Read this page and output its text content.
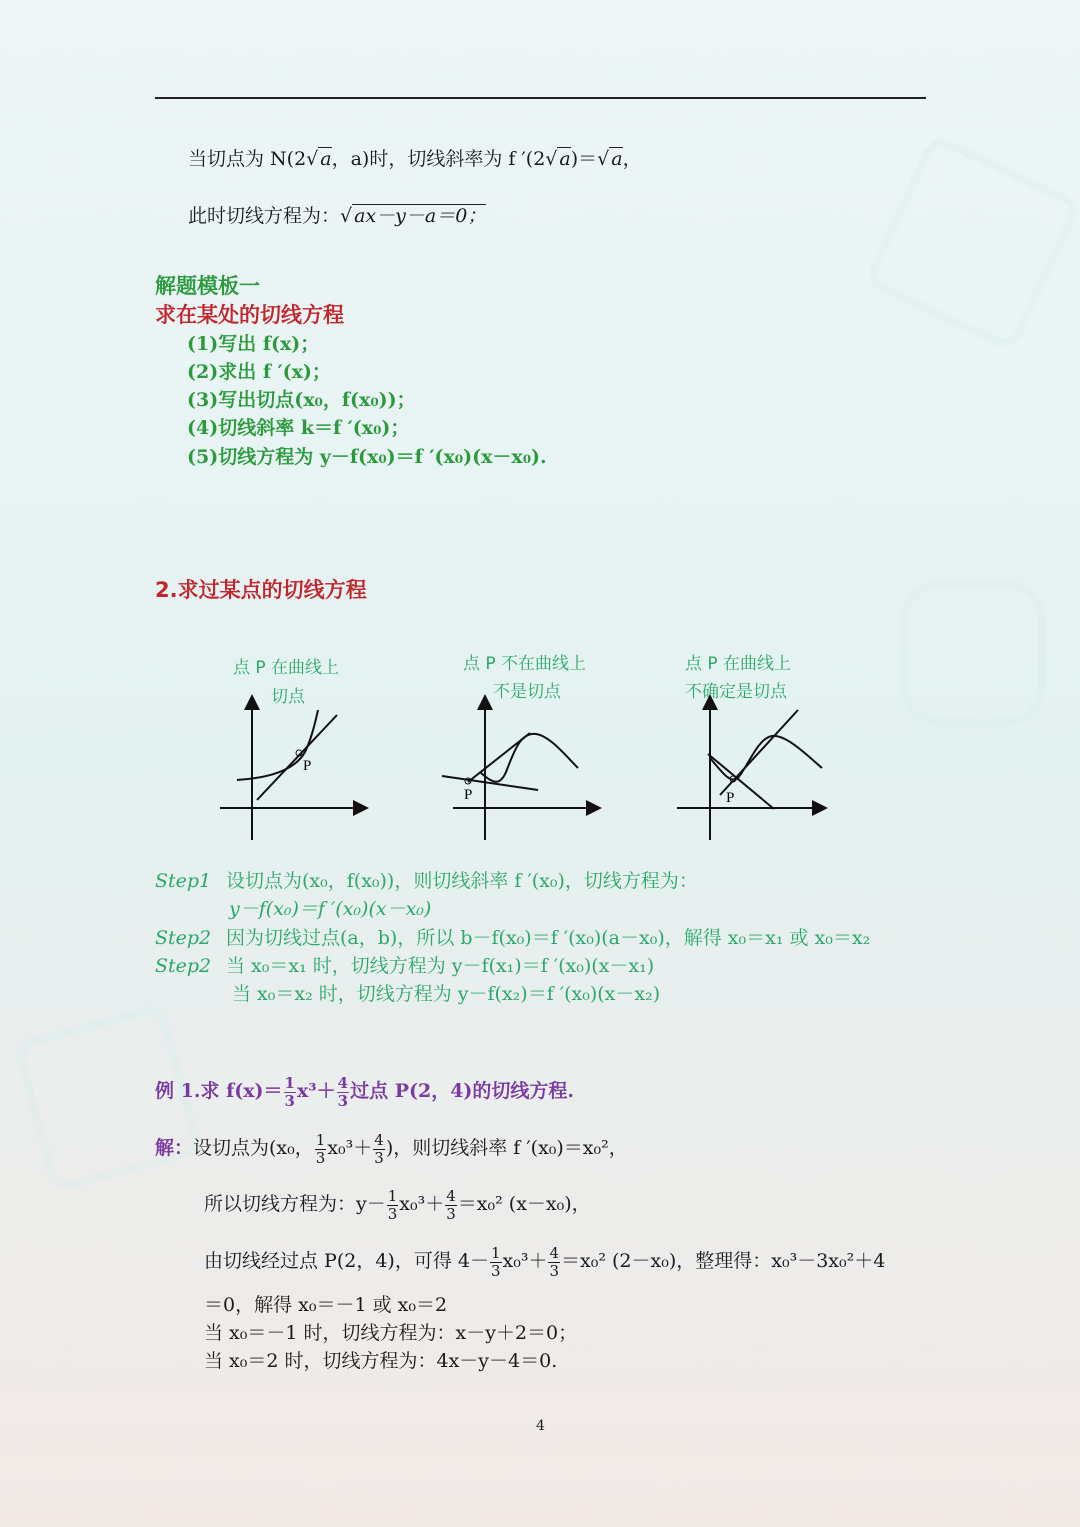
当切点为 N(2√ a，a)时，切线斜率为 f ′(2√ a)＝√ a，
此时切线方程为：√ ax－y－a＝0；
解题模板一
求在某处的切线方程
(1)写出 f(x)；
(2)求出 f ′(x)；
(3)写出切点(x₀，f(x₀))；
(4)切线斜率 k＝f ′(x₀)；
(5)切线方程为 y－f(x₀)＝f ′(x₀)(x－x₀).
2.求过某点的切线方程
点 P 在曲线上
切点
点 P 不在曲线上
不是切点
点 P 在曲线上
不确定是切点
P
P	P
Step1 设切点为(x₀，f(x₀))，则切线斜率 f ′(x₀)，切线方程为：
y－f(x₀)＝f ′(x₀)(x－x₀)
Step2 因为切线过点(a，b)，所以 b－f(x₀)＝f ′(x₀)(a－x₀)，解得 x₀＝x₁ 或 x₀＝x₂
Step2 当 x₀＝x₁ 时，切线方程为 y－f(x₁)＝f ′(x₀)(x－x₁)
当 x₀＝x₂ 时，切线方程为 y－f(x₂)＝f ′(x₀)(x－x₂)
例 1.求 $f(x)= \frac{1}{3} x^3+ \frac{4}{3}$ 过点 P(2，4)的切线方程.
解：设切点为(x₀， $\frac{1}{3} x_0^3+ \frac{4}{3}$ )，则切线斜率 f ′(x₀)＝x₀²，
所以切线方程为：$y- \frac{1}{3} x_0^3+ \frac{4}{3} =x_0^2$ (x－x₀)，
由切线经过点 P(2，4)，可得 $4- \frac{1}{3} x_0^3+ \frac{4}{3} =x_0^2$ (2－x₀)，整理得：x₀³－3x₀²＋4
＝0，解得 x₀＝－1 或 x₀＝2
当 x₀＝－1 时，切线方程为：x－y＋2＝0；
当 x₀＝2 时，切线方程为：4x－y－4＝0.
4
